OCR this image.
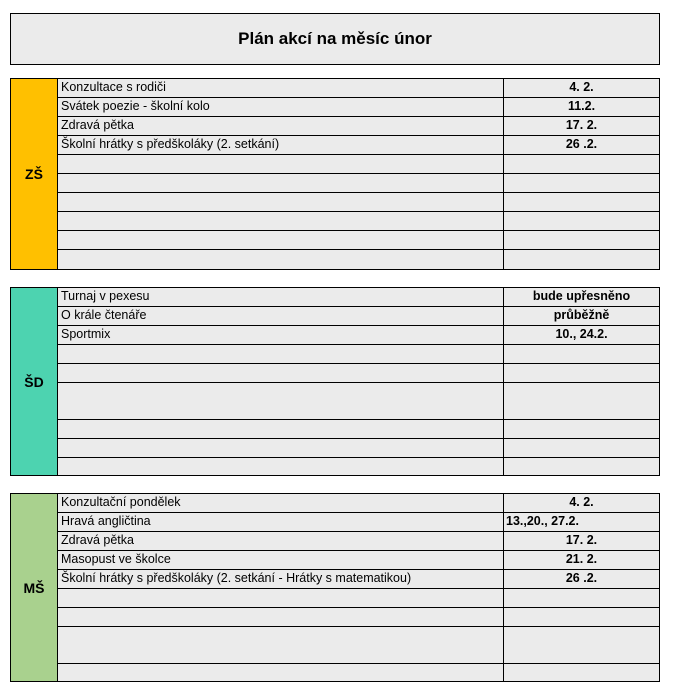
Plán akcí na měsíc únor
ZŠ
Konzultace s rodiči	4. 2.
Svátek poezie - školní kolo	11.2.
Zdravá pětka	17. 2.
Školní hrátky s předškoláky (2. setkání)	26 .2.
ŠD
Turnaj v pexesu	bude upřesněno
O krále čtenáře	průběžně
Sportmix	10., 24.2.
MŠ
Konzultační pondělek	4. 2.
Hravá angličtina	13.,20., 27.2.
Zdravá pětka	17. 2.
Masopust ve školce	21. 2.
Školní hrátky s předškoláky (2. setkání - Hrátky s matematikou)	26 .2.
